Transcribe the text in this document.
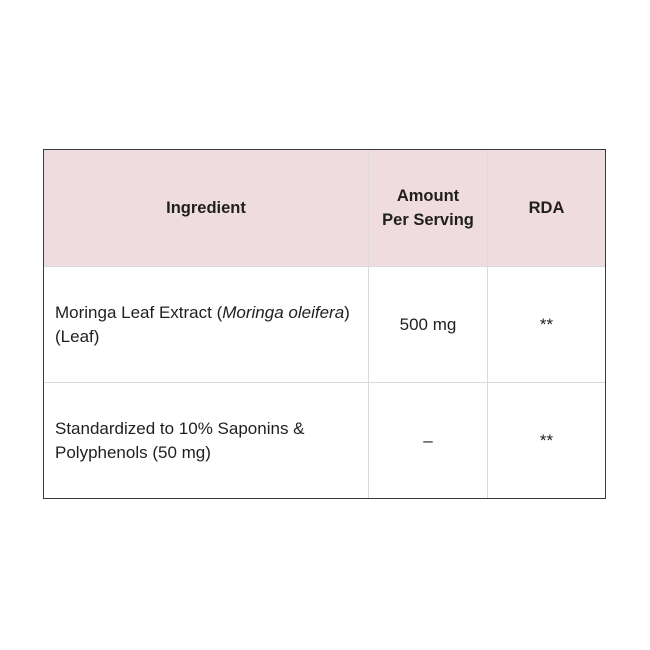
Ingredient
Amount
Per Serving
RDA
Moringa Leaf Extract (Moringa oleifera) (Leaf)
500 mg	**
Standardized to 10% Saponins &
Polyphenols (50 mg)
–	**
